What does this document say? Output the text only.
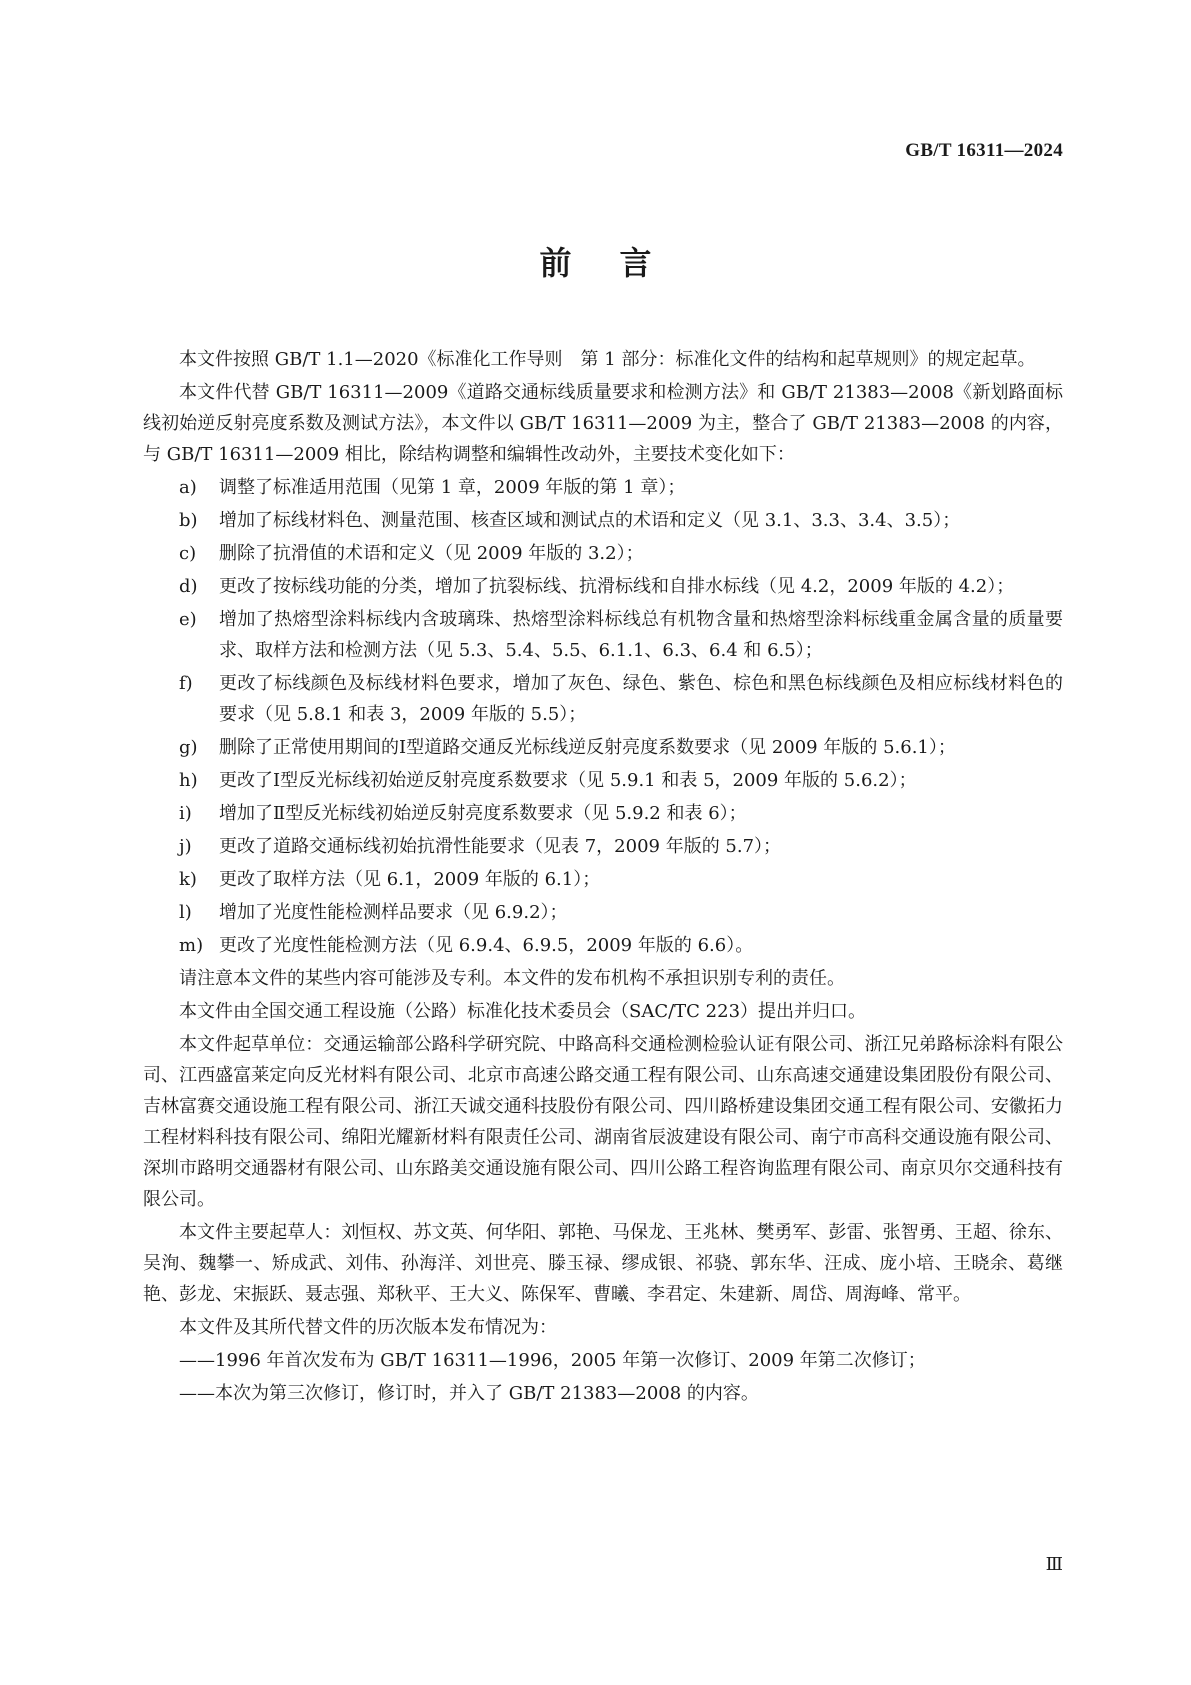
GB/T 16311—2024
前言

本文件按照 GB/T 1.1—2020《标准化工作导则　第 1 部分：标准化文件的结构和起草规则》的规定起草。

本文件代替 GB/T 16311—2009《道路交通标线质量要求和检测方法》和 GB/T 21383—2008《新划路面标线初始逆反射亮度系数及测试方法》，本文件以 GB/T 16311—2009 为主，整合了 GB/T 21383—2008 的内容，与 GB/T 16311—2009 相比，除结构调整和编辑性改动外，主要技术变化如下：

a)	调整了标准适用范围（见第 1 章，2009 年版的第 1 章）；
b)	增加了标线材料色、测量范围、核查区域和测试点的术语和定义（见 3.1、3.3、3.4、3.5）；
c)	删除了抗滑值的术语和定义（见 2009 年版的 3.2）；
d)	更改了按标线功能的分类，增加了抗裂标线、抗滑标线和自排水标线（见 4.2，2009 年版的 4.2）；
e)	增加了热熔型涂料标线内含玻璃珠、热熔型涂料标线总有机物含量和热熔型涂料标线重金属含量的质量要求、取样方法和检测方法（见 5.3、5.4、5.5、6.1.1、6.3、6.4 和 6.5）；
f)	更改了标线颜色及标线材料色要求，增加了灰色、绿色、紫色、棕色和黑色标线颜色及相应标线材料色的要求（见 5.8.1 和表 3，2009 年版的 5.5）；
g)	删除了正常使用期间的Ⅰ型道路交通反光标线逆反射亮度系数要求（见 2009 年版的 5.6.1）；
h)	更改了Ⅰ型反光标线初始逆反射亮度系数要求（见 5.9.1 和表 5，2009 年版的 5.6.2）；
i)	增加了Ⅱ型反光标线初始逆反射亮度系数要求（见 5.9.2 和表 6）；
j)	更改了道路交通标线初始抗滑性能要求（见表 7，2009 年版的 5.7）；
k)	更改了取样方法（见 6.1，2009 年版的 6.1）；
l)	增加了光度性能检测样品要求（见 6.9.2）；
m) 更改了光度性能检测方法（见 6.9.4、6.9.5，2009 年版的 6.6）。

请注意本文件的某些内容可能涉及专利。本文件的发布机构不承担识别专利的责任。

本文件由全国交通工程设施（公路）标准化技术委员会（SAC/TC 223）提出并归口。

本文件起草单位：交通运输部公路科学研究院、中路高科交通检测检验认证有限公司、浙江兄弟路标涂料有限公司、江西盛富莱定向反光材料有限公司、北京市高速公路交通工程有限公司、山东高速交通建设集团股份有限公司、吉林富赛交通设施工程有限公司、浙江天诚交通科技股份有限公司、四川路桥建设集团交通工程有限公司、安徽拓力工程材料科技有限公司、绵阳光耀新材料有限责任公司、湖南省辰波建设有限公司、南宁市高科交通设施有限公司、深圳市路明交通器材有限公司、山东路美交通设施有限公司、四川公路工程咨询监理有限公司、南京贝尔交通科技有限公司。

本文件主要起草人：刘恒权、苏文英、何华阳、郭艳、马保龙、王兆林、樊勇军、彭雷、张智勇、王超、徐东、吴洵、魏攀一、矫成武、刘伟、孙海洋、刘世亮、滕玉禄、缪成银、祁骁、郭东华、汪成、庞小培、王晓余、葛继艳、彭龙、宋振跃、聂志强、郑秋平、王大义、陈保军、曹曦、李君定、朱建新、周岱、周海峰、常平。

本文件及其所代替文件的历次版本发布情况为：

——1996 年首次发布为 GB/T 16311—1996，2005 年第一次修订、2009 年第二次修订；

——本次为第三次修订，修订时，并入了 GB/T 21383—2008 的内容。

Ⅲ
